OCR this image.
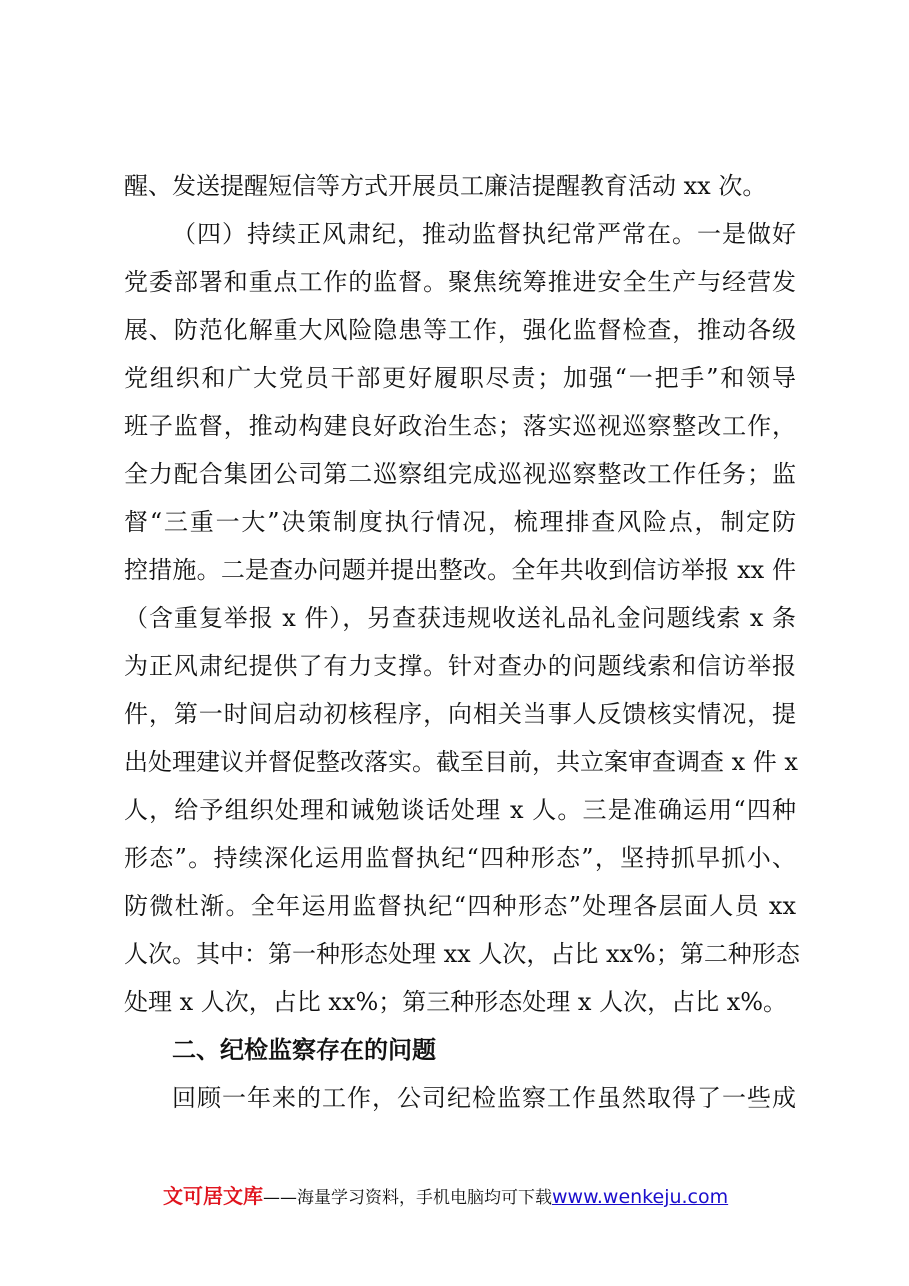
醒、发送提醒短信等方式开展员工廉洁提醒教育活动 xx 次。
（四）持续正风肃纪，推动监督执纪常严常在。一是做好
党委部署和重点工作的监督。聚焦统筹推进安全生产与经营发
展、防范化解重大风险隐患等工作，强化监督检查，推动各级
党组织和广大党员干部更好履职尽责；加强“一把手”和领导
班子监督，推动构建良好政治生态；落实巡视巡察整改工作，
全力配合集团公司第二巡察组完成巡视巡察整改工作任务；监
督“三重一大”决策制度执行情况，梳理排查风险点，制定防
控措施。二是查办问题并提出整改。全年共收到信访举报 xx 件
（含重复举报 x 件），另查获违规收送礼品礼金问题线索 x 条
为正风肃纪提供了有力支撑。针对查办的问题线索和信访举报
件，第一时间启动初核程序，向相关当事人反馈核实情况，提
出处理建议并督促整改落实。截至目前，共立案审查调查 x 件 x
人，给予组织处理和诫勉谈话处理 x 人。三是准确运用“四种
形态”。持续深化运用监督执纪“四种形态”，坚持抓早抓小、
防微杜渐。全年运用监督执纪“四种形态”处理各层面人员 xx
人次。其中：第一种形态处理 xx 人次，占比 xx%；第二种形态
处理 x 人次，占比 xx%；第三种形态处理 x 人次，占比 x%。
二、纪检监察存在的问题
回顾一年来的工作，公司纪检监察工作虽然取得了一些成
文可居文库——海量学习资料，手机电脑均可下载www.wenkeju.com
